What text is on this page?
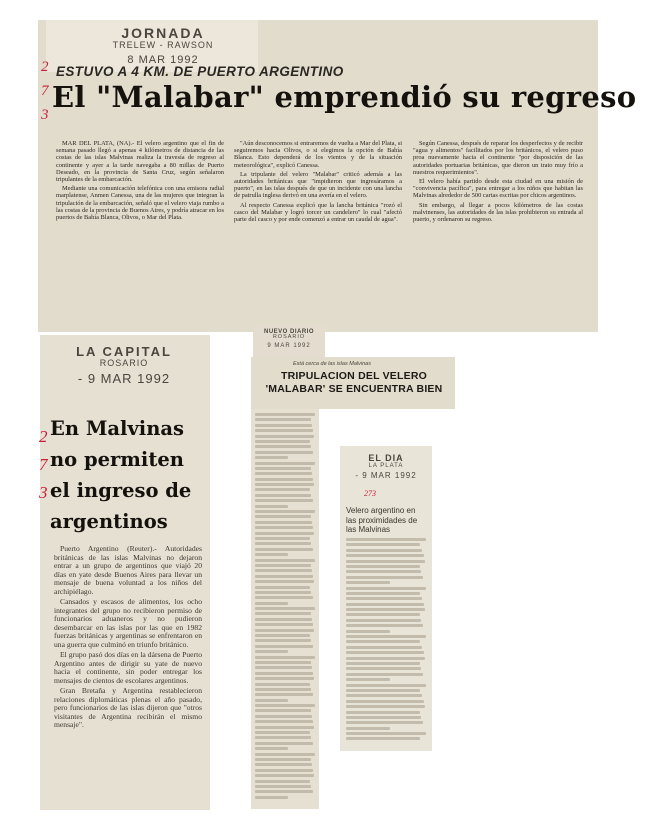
JORNADA
TRELEW - RAWSON
8 MAR 1992
2
7
3
ESTUVO A 4 KM. DE PUERTO ARGENTINO
El "Malabar" emprendió su regreso

MAR DEL PLATA, (NA).- El velero argentino que el fin de semana pasado llegó a apenas 4 kilómetros de distancia de las costas de las islas Malvinas realiza la travesía de regreso al continente y ayer a la tarde navegaba a 80 millas de Puerto Deseado, en la provincia de Santa Cruz, según señalaron tripulantes de la embarcación.

Mediante una comunicación telefónica con una emisora radial marplatense, Anmen Canessa, una de las mujeres que integran la tripulación de la embarcación, señaló que el velero viaja rumbo a las costas de la provincia de Buenos Aires, y podría atracar en los puertos de Bahía Blanca, Olivos, o Mar del Plata.

"Aún desconocemos si entraremos de vuelta a Mar del Plata, si seguiremos hacia Olivos, o si elegimos la opción de Bahía Blanca. Esto dependerá de los vientos y de la situación meteorológica", explicó Canessa.

La tripulante del velero "Malabar" criticó además a las autoridades británicas que "impidieron que ingresáramos a puerto", en las islas después de que un incidente con una lancha de patrulla inglesa derivó en una avería en el velero.

Al respecto Canessa explicó que la lancha británica "rozó el casco del Malabar y logró torcer un candelero" lo cual "afectó parte del casco y por ende comenzó a entrar un caudal de agua".

Según Canessa, después de reparar los desperfectos y de recibir "agua y alimentos" facilitados por los británicos, el velero puso proa nuevamente hacia el continente "por disposición de las autoridades portuarias británicas, que dieron un trato muy frío a nuestros requerimientos".

El velero había partido desde esta ciudad en una misión de "convivencia pacífica", para entregar a los niños que habitan las Malvinas alrededor de 500 cartas escritas por chicos argentinos.

Sin embargo, al llegar a pocos kilómetros de las costas malvinenses, las autoridades de las islas prohibieron su entrada al puerto, y ordenaron su regreso.

LA CAPITAL
ROSARIO
- 9 MAR 1992
2
7
3
En Malvinas
no permiten
el ingreso de
argentinos

Puerto Argentino (Reuter).- Autoridades británicas de las islas Malvinas no dejaron entrar a un grupo de argentinos que viajó 20 días en yate desde Buenos Aires para llevar un mensaje de buena voluntad a los niños del archipiélago.

Cansados y escasos de alimentos, los ocho integrantes del grupo no recibieron permiso de funcionarios aduaneros y no pudieron desembarcar en las islas por las que en 1982 fuerzas británicas y argentinas se enfrentaron en una guerra que culminó en triunfo británico.

El grupo pasó dos días en la dársena de Puerto Argentino antes de dirigir su yate de nuevo hacia el continente, sin poder entregar los mensajes de cientos de escolares argentinos.

Gran Bretaña y Argentina restablecieron relaciones diplomáticas plenas el año pasado, pero funcionarios de las islas dijeron que "otros visitantes de Argentina recibirán el mismo mensaje".

NUEVO DIARIO
ROSARIO
9 MAR 1992
Está cerca de las islas Malvinas
TRIPULACION DEL VELERO
'MALABAR' SE ENCUENTRA BIEN
EL DIA
LA PLATA
- 9 MAR 1992
273
Velero argentino en las proximidades de las Malvinas
